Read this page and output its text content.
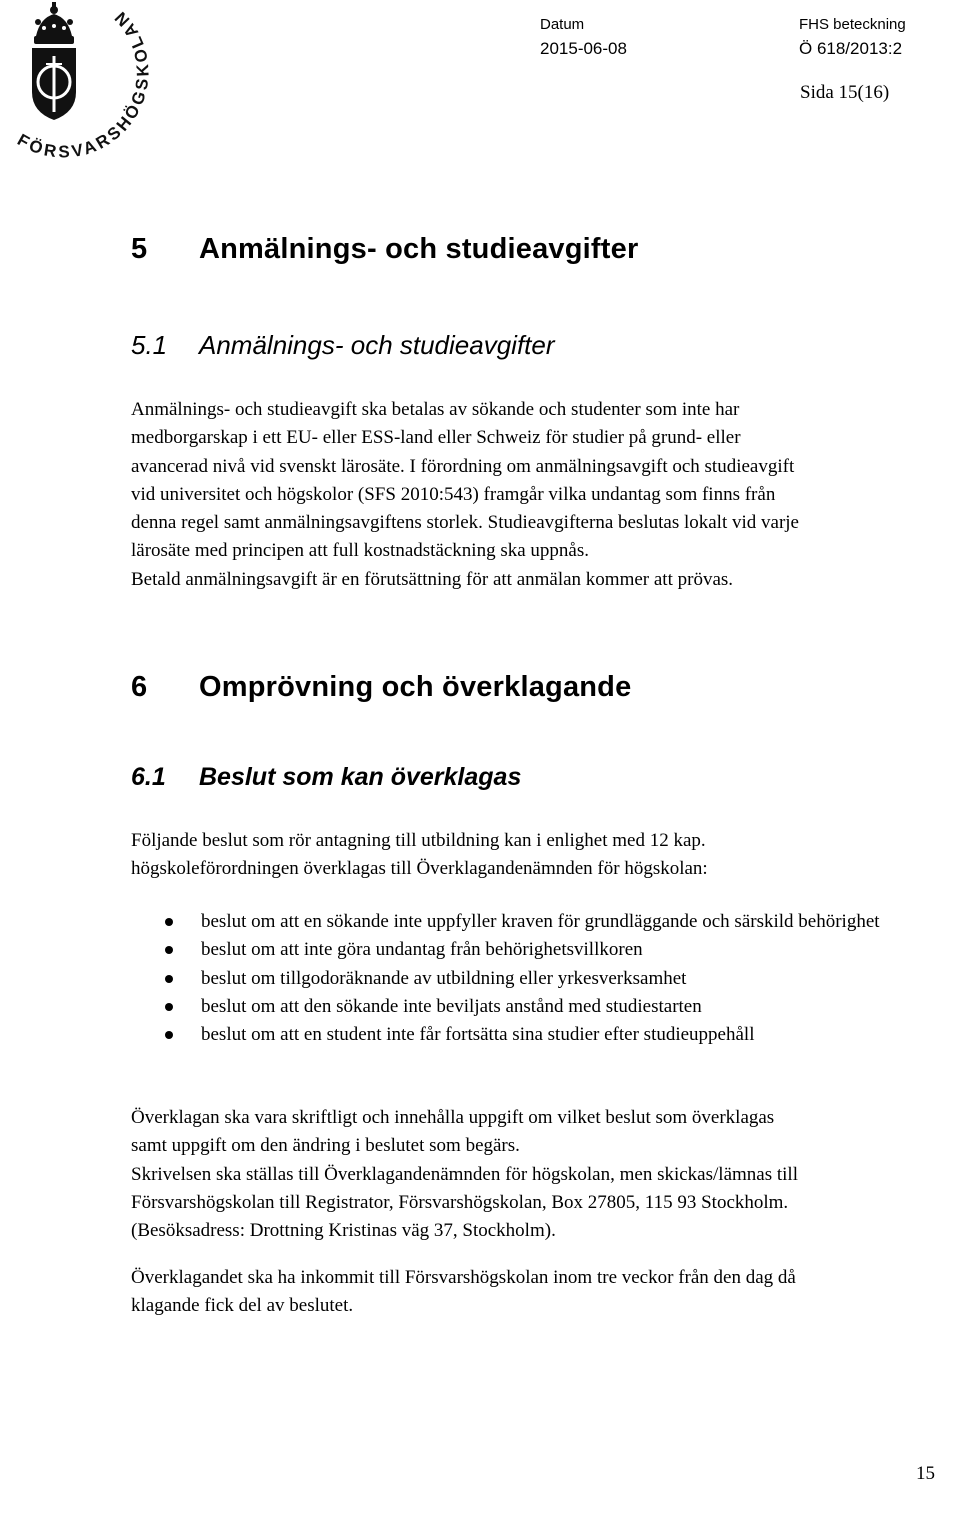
FÖRSVARSHÖG OLAN	Datum
2015-06-08
FHS beteckning
Ö 618/2013:2
Sida 15(16)
5 Anmälnings- och studieavgifter
5.1 Anmälnings- och studieavgifter
Anmälnings- och studieavgift ska betalas av sökande och studenter som inte har
medborgarskap i ett EU- eller ESS-land eller Schweiz för studier på grund- eller
avancerad nivå vid svenskt lärosäte. I förordning om anmälningsavgift och studieavgift
vid universitet och högskolor (SFS 2010:543) framgår vilka undantag som finns från
denna regel samt anmälningsavgiftens storlek. Studieavgifterna beslutas lokalt vid varje
lärosäte med principen att full kostnadstäckning ska uppnås.
Betald anmälningsavgift är en förutsättning för att anmälan kommer att prövas.
6 Omprövning och överklagande
6.1 Beslut som kan överklagas
Följande beslut som rör antagning till utbildning kan i enlighet med 12 kap.
högskoleförordningen överklagas till Överklagandenämnden för högskolan:
beslut om att en sökande inte uppfyller kraven för grundläggande och särskild behörighet
beslut om att inte göra undantag från behörighetsvillkoren
beslut om tillgodoräknande av utbildning eller yrkesverksamhet
beslut om att den sökande inte beviljats anstånd med studiestarten
beslut om att en student inte får fortsätta sina studier efter studieuppehåll
Överklagan ska vara skriftligt och innehålla uppgift om vilket beslut som överklagas
samt uppgift om den ändring i beslutet som begärs.
Skrivelsen ska ställas till Överklagandenämnden för högskolan, men skickas/lämnas till
Försvarshögskolan till Registrator, Försvarshögskolan, Box 27805, 115 93 Stockholm.
(Besöksadress: Drottning Kristinas väg 37, Stockholm).
Överklagandet ska ha inkommit till Försvarshögskolan inom tre veckor från den dag då
klagande fick del av beslutet.
15
